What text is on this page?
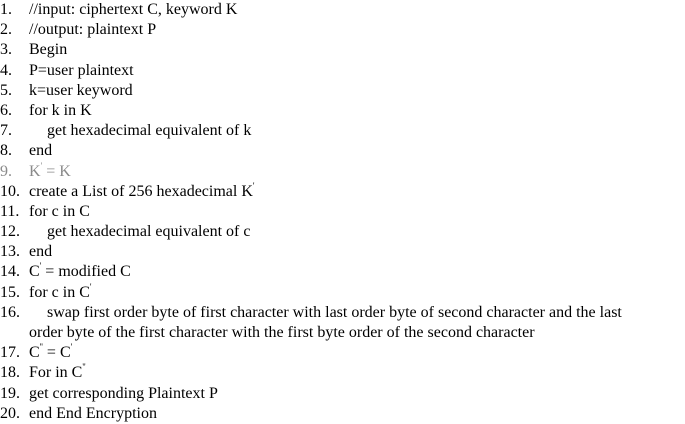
1. //input: ciphertext C, keyword K
2. //output: plaintext P
3. Begin
4. P=user plaintext
5. k=user keyword
6. for k in K
7. get hexadecimal equivalent of k
8. end
9. K' = K
10. create a List of 256 hexadecimal K'
11. for c in C
12. get hexadecimal equivalent of c
13. end
14. C' = modified C
15. for c in C'
16.	swap first order byte of first character with last order byte of second character and the last
order byte of the first character with the first byte order of the second character
17. C'' = C'
18. For in C''
19. get corresponding Plaintext P
20. end End Encryption
